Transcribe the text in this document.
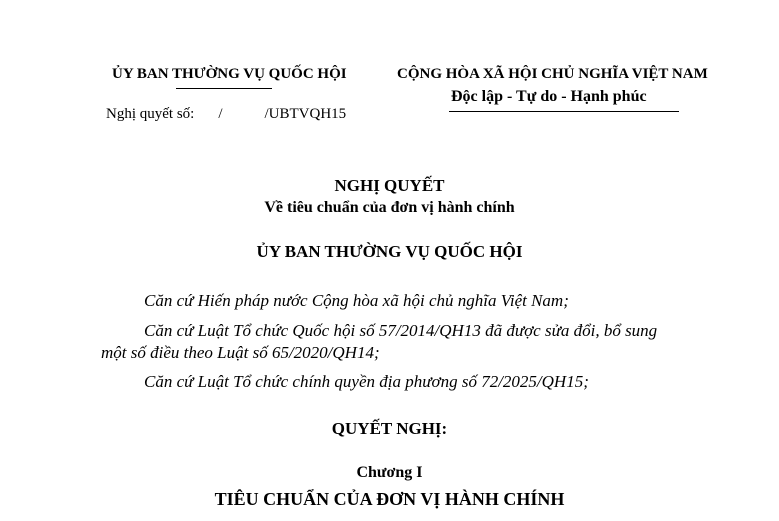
ỦY BAN THƯỜNG VỤ QUỐC HỘI
Nghị quyết số: /	/UBTVQH15
CỘNG HÒA XÃ HỘI CHỦ NGHĨA VIỆT NAM
Độc lập - Tự do - Hạnh phúc
NGHỊ QUYẾT
Về tiêu chuẩn của đơn vị hành chính
ỦY BAN THƯỜNG VỤ QUỐC HỘI
Căn cứ Hiến pháp nước Cộng hòa xã hội chủ nghĩa Việt Nam;
Căn cứ Luật Tổ chức Quốc hội số 57/2014/QH13 đã được sửa đổi, bổ sung
một số điều theo Luật số 65/2020/QH14;
Căn cứ Luật Tổ chức chính quyền địa phương số 72/2025/QH15;
QUYẾT NGHỊ:
Chương I
TIÊU CHUẨN CỦA ĐƠN VỊ HÀNH CHÍNH
